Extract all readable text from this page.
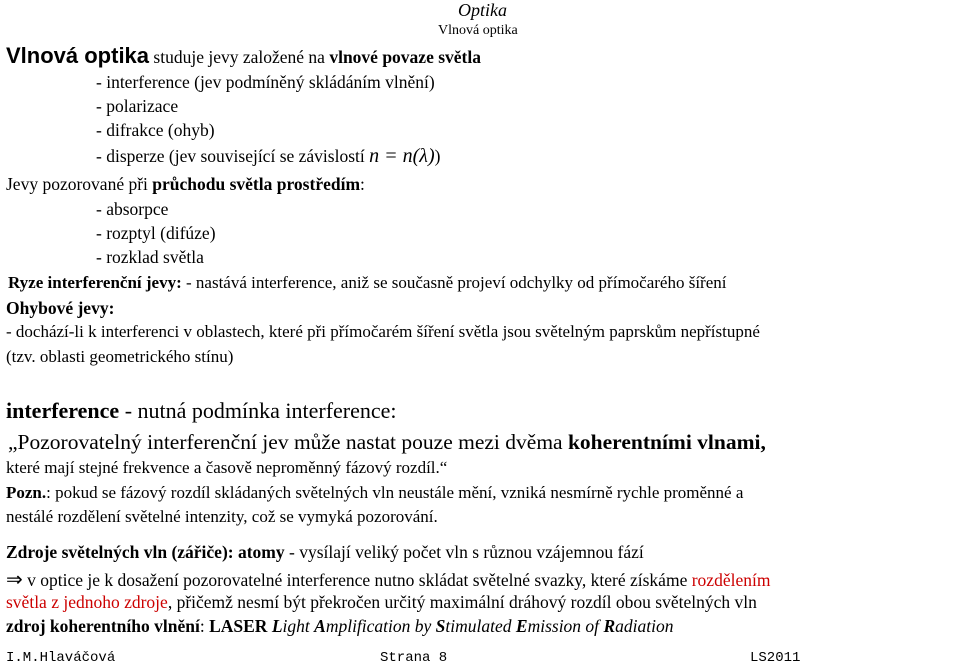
Optika
Vlnová optika
Vlnová optika studuje jevy založené na vlnové povaze světla
- interference (jev podmíněný skládáním vlnění)
- polarizace
- difrakce (ohyb)
- disperze (jev související se závislostí n = n(λ))
Jevy pozorované při průchodu světla prostředím:
- absorpce
- rozptyl (difúze)
- rozklad světla
Ryze interferenční jevy: - nastává interference, aniž se současně projeví odchylky od přímočarého šíření
Ohybové jevy:
- dochází-li k interferenci v oblastech, které při přímočarém šíření světla jsou světelným paprskům nepřístupné
(tzv. oblasti geometrického stínu)
interference - nutná podmínka interference:
„Pozorovatelný interferenční jev může nastat pouze mezi dvěma koherentními vlnami,
které mají stejné frekvence a časově neproměnný fázový rozdíl.“
Pozn.: pokud se fázový rozdíl skládaných světelných vln neustále mění, vzniká nesmírně rychle proměnné a
nestálé rozdělení světelné intenzity, což se vymyká pozorování.
Zdroje světelných vln (zářiče): atomy - vysílají veliký počet vln s různou vzájemnou fází
⇒ v optice je k dosažení pozorovatelné interference nutno skládat světelné svazky, které získáme rozdělením
světla z jednoho zdroje, přičemž nesmí být překročen určitý maximální dráhový rozdíl obou světelných vln
zdroj koherentního vlnění: LASER Light Amplification by Stimulated Emission of Radiation
I.M.Hlaváčová	Strana 8	LS2011
